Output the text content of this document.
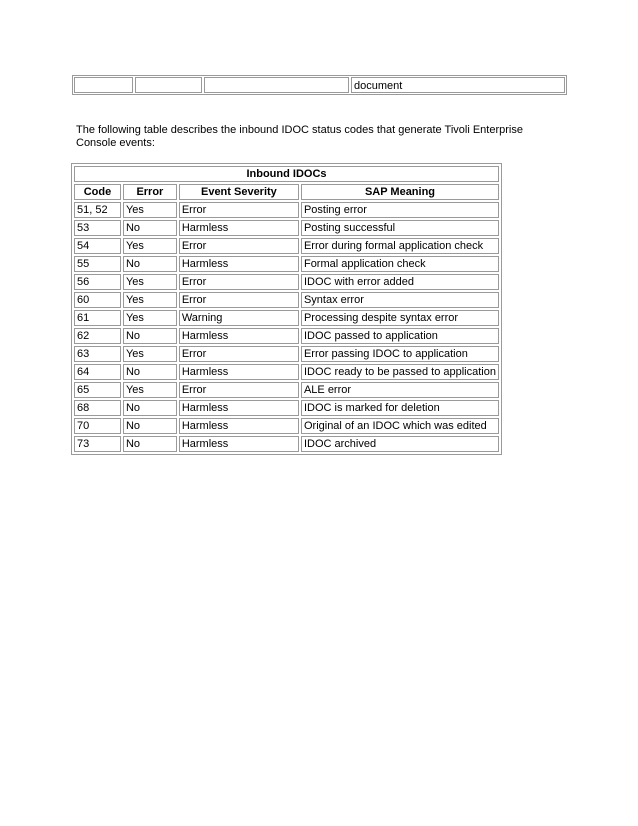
document

The following table describes the inbound IDOC status codes that generate Tivoli Enterprise Console events:

Inbound IDOCs			
Code	Error	Event Severity	SAP Meaning
51, 52	Yes	Error	Posting error
53	No	Harmless	Posting successful
54	Yes	Error	Error during formal application check
55	No	Harmless	Formal application check
56	Yes	Error	IDOC with error added
60	Yes	Error	Syntax error
61	Yes	Warning	Processing despite syntax error
62	No	Harmless	IDOC passed to application
63	Yes	Error	Error passing IDOC to application
64	No	Harmless	IDOC ready to be passed to application
65	Yes	Error	ALE error
68	No	Harmless	IDOC is marked for deletion
70	No	Harmless	Original of an IDOC which was edited
73	No	Harmless	IDOC archived
